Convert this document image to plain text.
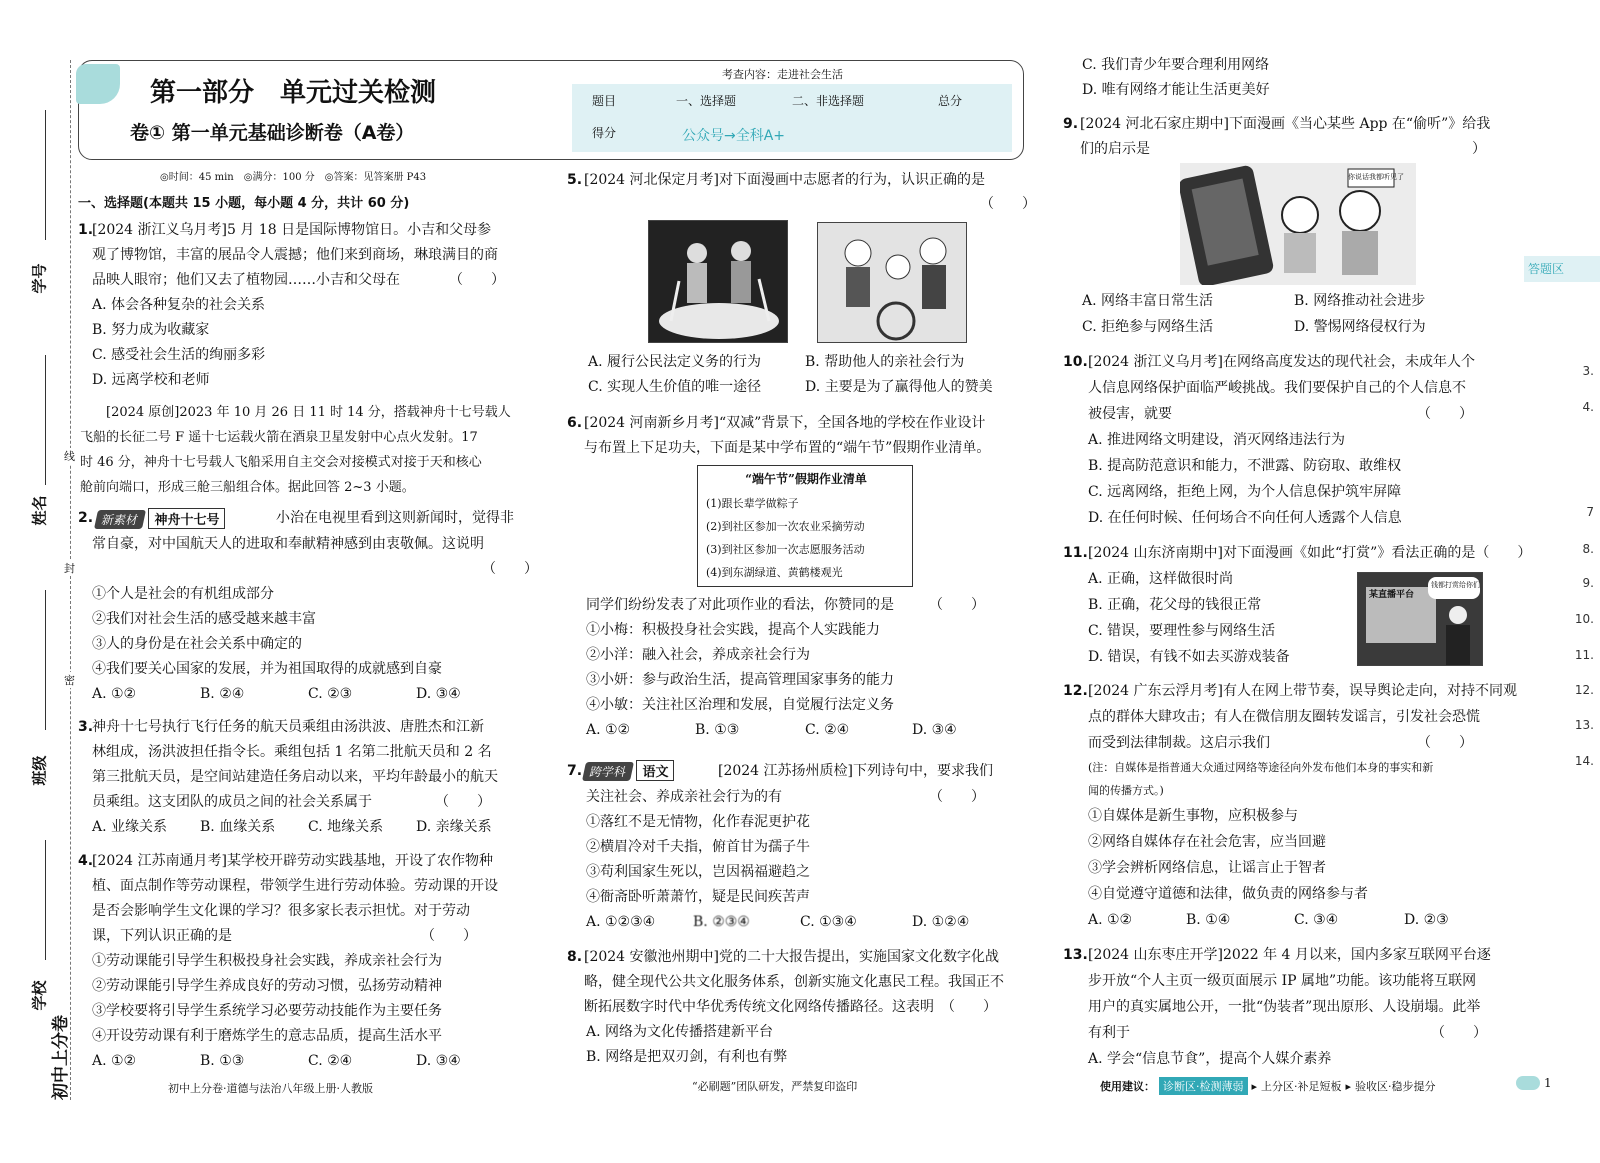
学号
姓名
班级
学校
线
封
密
初中上分卷
第一部分　单元过关检测
卷① 第一单元基础诊断卷（A卷）
考查内容：走进社会生活
题目	一、选择题	二、非选择题	总分
得分	公众号→全科A+
◎时间：45 min　◎满分：100 分　◎答案：见答案册 P43
一、选择题(本题共 15 小题，每小题 4 分，共计 60 分)
1.
[2024 浙江义乌月考]5 月 18 日是国际博物馆日。小吉和父母参
观了博物馆，丰富的展品令人震撼；他们来到商场，琳琅满目的商
品映人眼帘；他们又去了植物园……小吉和父母在　　　　（　　）
A. 体会各种复杂的社会关系
B. 努力成为收藏家
C. 感受社会生活的绚丽多彩
D. 远离学校和老师
[2024 原创]2023 年 10 月 26 日 11 时 14 分，搭载神舟十七号载人
飞船的长征二号 F 遥十七运载火箭在酒泉卫星发射中心点火发射。17
时 46 分，神舟十七号载人飞船采用自主交会对接模式对接于天和核心
舱前向端口，形成三舱三船组合体。据此回答 2~3 小题。
2. 新素材 神舟十七号	小治在电视里看到这则新闻时，觉得非
常自豪，对中国航天人的进取和奉献精神感到由衷敬佩。这说明
（　　）
①个人是社会的有机组成部分
②我们对社会生活的感受越来越丰富
③人的身份是在社会关系中确定的
④我们要关心国家的发展，并为祖国取得的成就感到自豪
A. ①②	B. ②④	C. ②③	D. ③④
3.
神舟十七号执行飞行任务的航天员乘组由汤洪波、唐胜杰和江新
林组成，汤洪波担任指令长。乘组包括 1 名第二批航天员和 2 名
第三批航天员，是空间站建造任务启动以来，平均年龄最小的航天
员乘组。这支团队的成员之间的社会关系属于　　　　　（　　）
A. 业缘关系 B. 血缘关系 C. 地缘关系 D. 亲缘关系
4.
[2024 江苏南通月考]某学校开辟劳动实践基地，开设了农作物种
植、面点制作等劳动课程，带领学生进行劳动体验。劳动课的开设
是否会影响学生文化课的学习？很多家长表示担忧。对于劳动
课，下列认识正确的是　　　　　　　　　　　　　　（　　）
①劳动课能引导学生积极投身社会实践，养成亲社会行为
②劳动课能引导学生养成良好的劳动习惯，弘扬劳动精神
③学校要将引导学生系统学习必要劳动技能作为主要任务
④开设劳动课有利于磨炼学生的意志品质，提高生活水平
A. ①②	B. ①③	C. ②④	D. ③④
初中上分卷·道德与法治八年级上册·人教版
5. [2024 河北保定月考]对下面漫画中志愿者的行为，认识正确的是
（　　）
A. 履行公民法定义务的行为	B. 帮助他人的亲社会行为
C. 实现人生价值的唯一途径	D. 主要是为了赢得他人的赞美
6. [2024 河南新乡月考]“双减”背景下，全国各地的学校在作业设计
与布置上下足功夫，下面是某中学布置的“端午节”假期作业清单。
“端午节”假期作业清单
(1)跟长辈学做粽子
(2)到社区参加一次农业采摘劳动
(3)到社区参加一次志愿服务活动
(4)到东湖绿道、黄鹤楼观光
同学们纷纷发表了对此项作业的看法，你赞同的是　　　（　　）
①小梅：积极投身社会实践，提高个人实践能力
②小洋：融入社会，养成亲社会行为
③小妍：参与政治生活，提高管理国家事务的能力
④小敏：关注社区治理和发展，自觉履行法定义务
A. ①②	B. ①③	C. ②④	D. ③④
7. 跨学科 语文	[2024 江苏扬州质检]下列诗句中，要求我们
关注社会、养成亲社会行为的有　　　　　　　　　　　（　　）
①落红不是无情物，化作春泥更护花
②横眉冷对千夫指，俯首甘为孺子牛
③苟利国家生死以，岂因祸福避趋之
④衙斋卧听萧萧竹，疑是民间疾苦声
A. ①②③④	B. ②③④	C. ①③④	D. ①②④
8. [2024 安徽池州期中]党的二十大报告提出，实施国家文化数字化战
略，健全现代公共文化服务体系，创新实施文化惠民工程。我国正不
断拓展数字时代中华优秀传统文化网络传播路径。这表明　（　　）
A. 网络为文化传播搭建新平台
B. 网络是把双刃剑，有利也有弊
“必刷题”团队研发，严禁复印盗印
C. 我们青少年要合理利用网络
D. 唯有网络才能让生活更美好
9. [2024 河北石家庄期中]下面漫画《当心某些 App 在“偷听”》给我
们的启示是　　　　　　　　　　　　　　　　　　　　　　　）
你说话我都听见了
A. 网络丰富日常生活	B. 网络推动社会进步
C. 拒绝参与网络生活	D. 警惕网络侵权行为
答题区
10. [2024 浙江义乌月考]在网络高度发达的现代社会，未成年人个
人信息网络保护面临严峻挑战。我们要保护自己的个人信息不
被侵害，就要　　　　　　　　　　　　　　　　　　（　　）
A. 推进网络文明建设，消灭网络违法行为
B. 提高防范意识和能力，不泄露、防窃取、敢维权
C. 远离网络，拒绝上网，为个人信息保护筑牢屏障
D. 在任何时候、任何场合不向任何人透露个人信息
11. [2024 山东济南期中]对下面漫画《如此“打赏”》看法正确的是（　　）
A. 正确，这样做很时尚
B. 正确，花父母的钱很正常
C. 错误，要理性参与网络生活
D. 错误，有钱不如去买游戏装备
某直播平台
钱都打赏给你们
12. [2024 广东云浮月考]有人在网上带节奏，误导舆论走向，对持不同观
点的群体大肆攻击；有人在微信朋友圈转发谣言，引发社会恐慌
而受到法律制裁。这启示我们　　　　　　　　　　　（　　）
(注：自媒体是指普通大众通过网络等途径向外发布他们本身的事实和新
闻的传播方式。)
①自媒体是新生事物，应积极参与
②网络自媒体存在社会危害，应当回避
③学会辨析网络信息，让谣言止于智者
④自觉遵守道德和法律，做负责的网络参与者
A. ①②	B. ①④	C. ③④	D. ②③
13. [2024 山东枣庄开学]2022 年 4 月以来，国内多家互联网平台逐
步开放“个人主页一级页面展示 IP 属地”功能。该功能将互联网
用户的真实属地公开，一批“伪装者”现出原形、人设崩塌。此举
有利于　　　　　　　　　　　　　　　　　　　　　　（　　）
A. 学会“信息节食”，提高个人媒介素养
使用建议： 诊断区·检测薄弱 ▸ 上分区·补足短板 ▸ 验收区·稳步提分	1
3.
4.
7
8.
9.
10.
11.
12.
13.
14.
